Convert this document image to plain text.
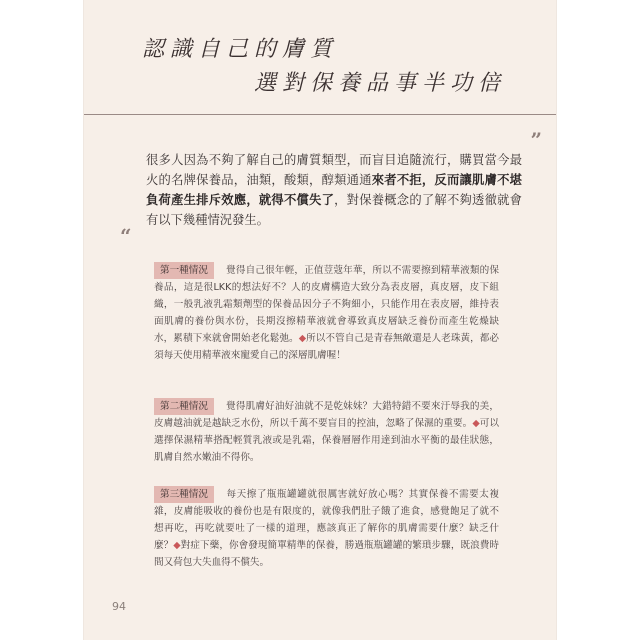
認識自己的膚質
選對保養品事半功倍
”
很多人因為不夠了解自己的膚質類型，而盲目追隨流行，購買當今最火的名牌保養品，油類，酸類，醇類通通來者不拒，反而讓肌膚不堪負荷產生排斥效應，就得不償失了，對保養概念的了解不夠透徹就會有以下幾種情況發生。
“
第一種情況 覺得自己很年輕，正值荳蔻年華，所以不需要擦到精華液類的保養品，這是很LKK的想法好不？人的皮膚構造大致分為表皮層，真皮層，皮下組織，一般乳液乳霜類劑型的保養品因分子不夠細小，只能作用在表皮層，維持表面肌膚的養份與水份，長期沒擦精華液就會導致真皮層缺乏養份而產生乾燥缺水，累積下來就會開始老化鬆弛。◆所以不管自己是青春無敵還是人老珠黃，都必須每天使用精華液來寵愛自己的深層肌膚喔！
第二種情況 覺得肌膚好油好油就不是乾妹妹？大錯特錯不要來汙辱我的美，皮膚越油就是越缺乏水份，所以千萬不要盲目的控油，忽略了保濕的重要。◆可以選擇保濕精華搭配輕質乳液或是乳霜，保養層層作用達到油水平衡的最佳狀態，肌膚自然水嫩油不得你。
第三種情況 每天擦了瓶瓶罐罐就很厲害就好放心嗎？其實保養不需要太複雜，皮膚能吸收的養份也是有限度的，就像我們肚子餓了進食，感覺飽足了就不想再吃，再吃就要吐了一樣的道理，應該真正了解你的肌膚需要什麼？缺乏什麼？◆對症下藥，你會發現簡單精準的保養，勝過瓶瓶罐罐的繁瑣步驟，既浪費時間又荷包大失血得不償失。
94
